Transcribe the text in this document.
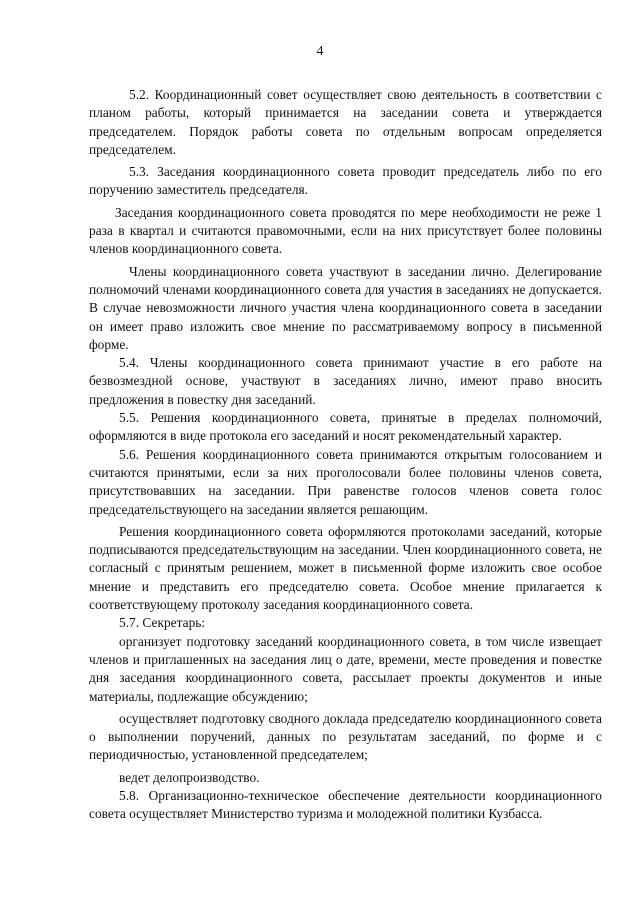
4

5.2. Координационный совет осуществляет свою деятельность в соответствии с планом работы, который принимается на заседании совета и утверждается председателем. Порядок работы совета по отдельным вопросам определяется председателем.

5.3. Заседания координационного совета проводит председатель либо по его поручению заместитель председателя.

Заседания координационного совета проводятся по мере необходимости не реже 1 раза в квартал и считаются правомочными, если на них присутствует более половины членов координационного совета.

Члены координационного совета участвуют в заседании лично. Делегирование полномочий членами координационного совета для участия в заседаниях не допускается. В случае невозможности личного участия члена координационного совета в заседании он имеет право изложить свое мнение по рассматриваемому вопросу в письменной форме.

5.4. Члены координационного совета принимают участие в его работе на безвозмездной основе, участвуют в заседаниях лично, имеют право вносить предложения в повестку дня заседаний.

5.5. Решения координационного совета, принятые в пределах полномочий, оформляются в виде протокола его заседаний и носят рекомендательный характер.

5.6. Решения координационного совета принимаются открытым голосованием и считаются принятыми, если за них проголосовали более половины членов совета, присутствовавших на заседании. При равенстве голосов членов совета голос председательствующего на заседании является решающим.

Решения координационного совета оформляются протоколами заседаний, которые подписываются председательствующим на заседании. Член координационного совета, не согласный с принятым решением, может в письменной форме изложить свое особое мнение и представить его председателю совета. Особое мнение прилагается к соответствующему протоколу заседания координационного совета.

5.7. Секретарь:

организует подготовку заседаний координационного совета, в том числе извещает членов и приглашенных на заседания лиц о дате, времени, месте проведения и повестке дня заседания координационного совета, рассылает проекты документов и иные материалы, подлежащие обсуждению;

осуществляет подготовку сводного доклада председателю координационного совета о выполнении поручений, данных по результатам заседаний, по форме и с периодичностью, установленной председателем;

ведет делопроизводство.

5.8. Организационно-техническое обеспечение деятельности координационного совета осуществляет Министерство туризма и молодежной политики Кузбасса.
